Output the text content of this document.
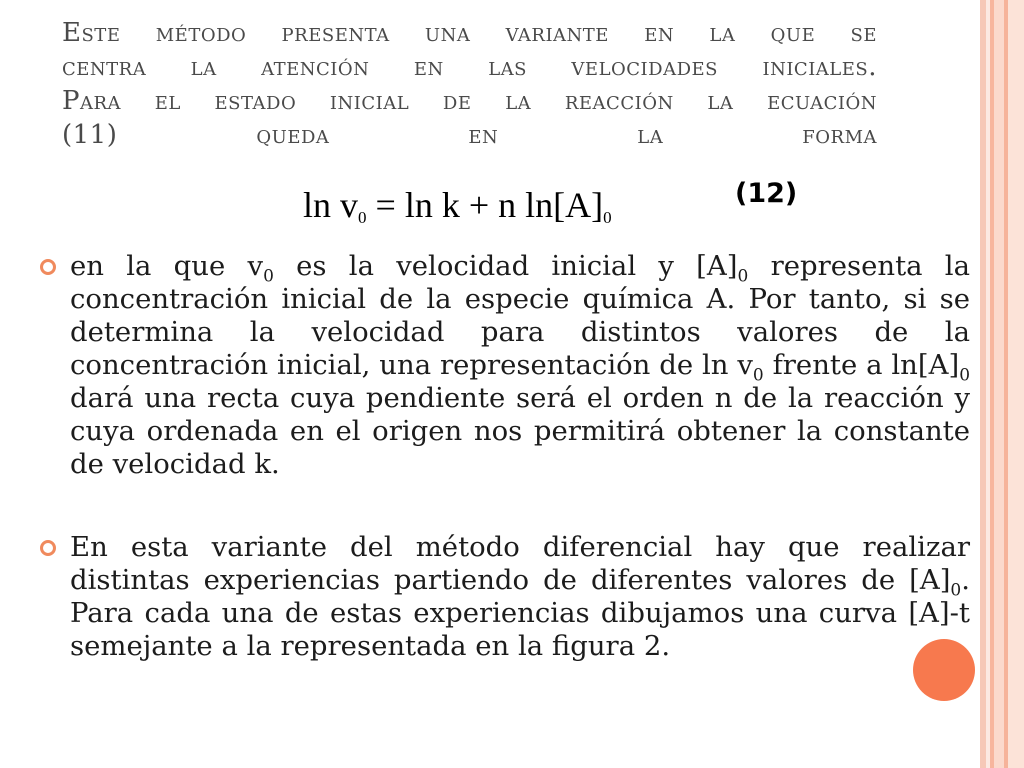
Este método presenta una variante en la que se
centra la atención en las velocidades iniciales.
Para el estado inicial de la reacción la ecuación
(11) queda en la forma

$\ln v_0 = \ln k + n$ $\ln[A]_0$
(12)
en la que $v_0$ es la velocidad inicial y $[A]_0$ representa la concentración inicial de la especie química A. Por tanto, si se determina la velocidad para distintos valores de la concentración inicial, una representación de $\ln v_0$ frente a $\ln[A]_0$ dará una recta cuya pendiente será el orden n de la reacción y cuya ordenada en el origen nos permitirá obtener la constante de velocidad k.
En esta variante del método diferencial hay que realizar distintas experiencias partiendo de diferentes valores de $[A]_0$. Para cada una de estas experiencias dibujamos una curva [A]-t semejante a la representada en la figura 2.
